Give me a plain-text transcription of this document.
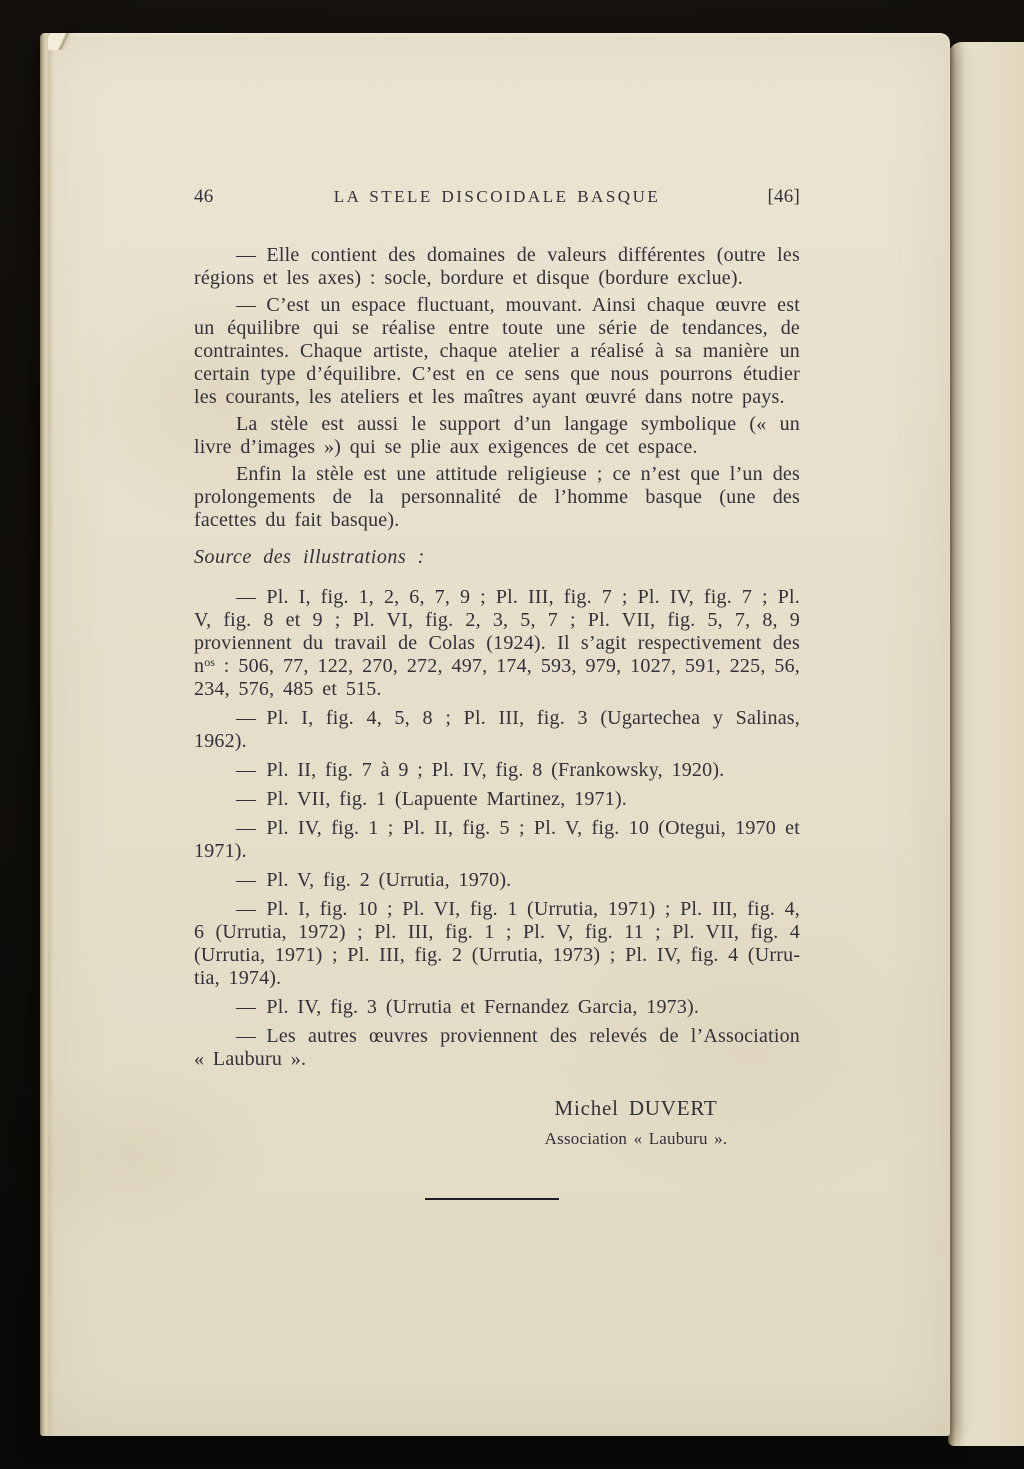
46	LA STELE DISCOIDALE BASQUE	[46]

— Elle contient des domaines de valeurs différentes (outre les régions et les axes) : socle, bordure et disque (bordure exclue).

— C’est un espace fluctuant, mouvant. Ainsi chaque œuvre est un équilibre qui se réalise entre toute une série de tendances, de contraintes. Chaque artiste, chaque atelier a réalisé à sa manière un certain type d’équilibre. C’est en ce sens que nous pourrons étudier les courants, les ateliers et les maîtres ayant œuvré dans notre pays.

La stèle est aussi le support d’un langage symbolique (« un livre d’images ») qui se plie aux exigences de cet espace.

Enfin la stèle est une attitude religieuse ; ce n’est que l’un des prolongements de la personnalité de l’homme basque (une des facettes du fait basque).

Source des illustrations :

— Pl. I, fig. 1, 2, 6, 7, 9 ; Pl. III, fig. 7 ; Pl. IV, fig. 7 ; Pl. V, fig. 8 et 9 ; Pl. VI, fig. 2, 3, 5, 7 ; Pl. VII, fig. 5, 7, 8, 9 proviennent du travail de Colas (1924). Il s’agit respectivement des $n^{os}$ : 506, 77, 122, 270, 272, 497, 174, 593, 979, 1027, 591, 225, 56, 234, 576, 485 et 515.

— Pl. I, fig. 4, 5, 8 ; Pl. III, fig. 3 (Ugartechea y Salinas, 1962).

— Pl. II, fig. 7 à 9 ; Pl. IV, fig. 8 (Frankowsky, 1920).

— Pl. VII, fig. 1 (Lapuente Martinez, 1971).

— Pl. IV, fig. 1 ; Pl. II, fig. 5 ; Pl. V, fig. 10 (Otegui, 1970 et 1971).

— Pl. V, fig. 2 (Urrutia, 1970).

— Pl. I, fig. 10 ; Pl. VI, fig. 1 (Urrutia, 1971) ; Pl. III, fig. 4, 6 (Urrutia, 1972) ; Pl. III, fig. 1 ; Pl. V, fig. 11 ; Pl. VII, fig. 4 (Urrutia, 1971) ; Pl. III, fig. 2 (Urrutia, 1973) ; Pl. IV, fig. 4 (Urrutia, 1974).

— Pl. IV, fig. 3 (Urrutia et Fernandez Garcia, 1973).

— Les autres œuvres proviennent des relevés de l’Association « Lauburu ».

Michel DUVERT
Association « Lauburu ».
